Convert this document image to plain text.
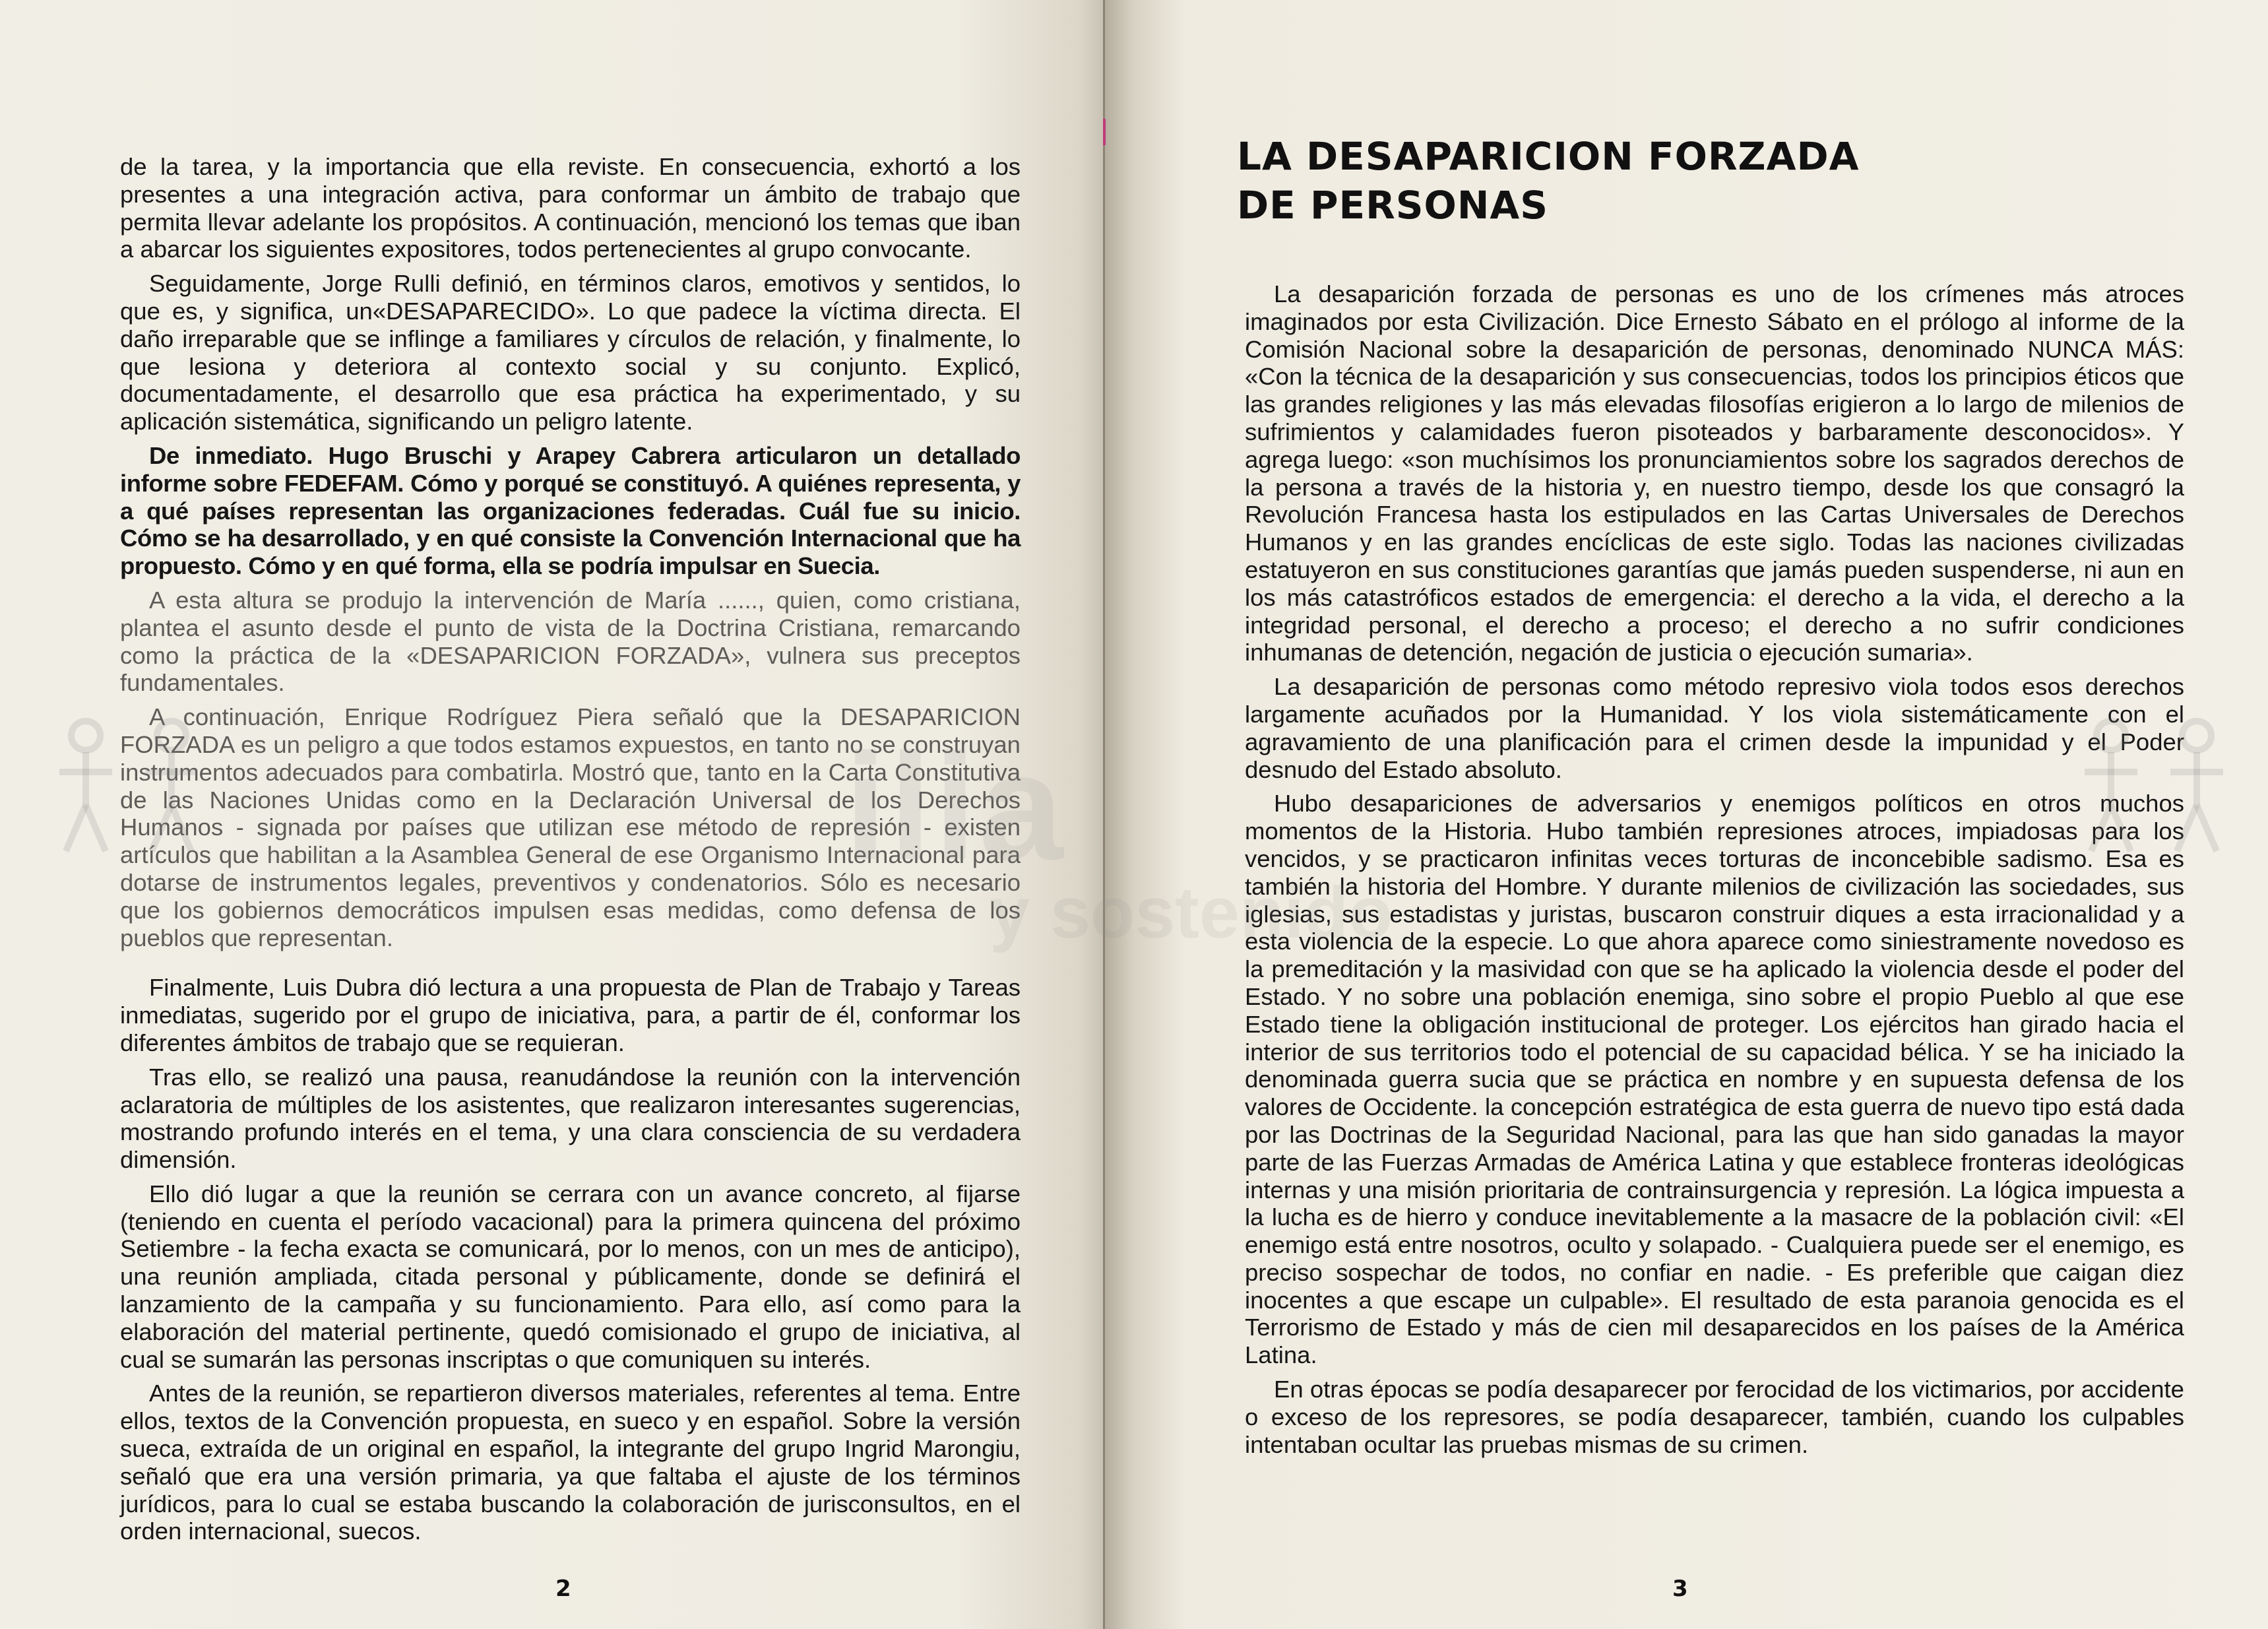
de la tarea, y la importancia que ella reviste. En consecuencia, exhortó a los presentes a una integración activa, para conformar un ámbito de trabajo que permita llevar adelante los propósitos. A continuación, mencionó los temas que iban a abarcar los siguientes expositores, todos pertenecientes al grupo convocante.

Seguidamente, Jorge Rulli definió, en términos claros, emotivos y sentidos, lo que es, y significa, un«DESAPARECIDO». Lo que padece la víctima directa. El daño irreparable que se inflinge a familiares y círculos de relación, y finalmente, lo que lesiona y deteriora al contexto social y su conjunto. Explicó, documentadamente, el desarrollo que esa práctica ha experimentado, y su aplicación sistemática, significando un peligro latente.

De inmediato. Hugo Bruschi y Arapey Cabrera articularon un detallado informe sobre FEDEFAM. Cómo y porqué se constituyó. A quiénes representa, y a qué países representan las organizaciones federadas. Cuál fue su inicio. Cómo se ha desarrollado, y en qué consiste la Convención Internacional que ha propuesto. Cómo y en qué forma, ella se podría impulsar en Suecia.

A esta altura se produjo la intervención de María ......, quien, como cristiana, plantea el asunto desde el punto de vista de la Doctrina Cristiana, remarcando como la práctica de la «DESAPARICION FORZADA», vulnera sus preceptos fundamentales.

A continuación, Enrique Rodríguez Piera señaló que la DESAPARICION FORZADA es un peligro a que todos estamos expuestos, en tanto no se construyan instrumentos adecuados para combatirla. Mostró que, tanto en la Carta Constitutiva de las Naciones Unidas como en la Declaración Universal de los Derechos Humanos - signada por países que utilizan ese método de represión - existen artículos que habilitan a la Asamblea General de ese Organismo Internacional para dotarse de instrumentos legales, preventivos y condenatorios. Sólo es necesario que los gobiernos democráticos impulsen esas medidas, como defensa de los pueblos que representan.

Finalmente, Luis Dubra dió lectura a una propuesta de Plan de Trabajo y Tareas inmediatas, sugerido por el grupo de iniciativa, para, a partir de él, conformar los diferentes ámbitos de trabajo que se requieran.

Tras ello, se realizó una pausa, reanudándose la reunión con la intervención aclaratoria de múltiples de los asistentes, que realizaron interesantes sugerencias, mostrando profundo interés en el tema, y una clara consciencia de su verdadera dimensión.

Ello dió lugar a que la reunión se cerrara con un avance concreto, al fijarse (teniendo en cuenta el período vacacional) para la primera quincena del próximo Setiembre - la fecha exacta se comunicará, por lo menos, con un mes de anticipo), una reunión ampliada, citada personal y públicamente, donde se definirá el lanzamiento de la campaña y su funcionamiento. Para ello, así como para la elaboración del material pertinente, quedó comisionado el grupo de iniciativa, al cual se sumarán las personas inscriptas o que comuniquen su interés.

Antes de la reunión, se repartieron diversos materiales, referentes al tema. Entre ellos, textos de la Convención propuesta, en sueco y en español. Sobre la versión sueca, extraída de un original en español, la integrante del grupo Ingrid Marongiu, señaló que era una versión primaria, ya que faltaba el ajuste de los términos jurídicos, para lo cual se estaba buscando la colaboración de jurisconsultos, en el orden internacional, suecos.

2
LA DESAPARICION FORZADA
DE PERSONAS

La desaparición forzada de personas es uno de los crímenes más atroces imaginados por esta Civilización. Dice Ernesto Sábato en el prólogo al informe de la Comisión Nacional sobre la desaparición de personas, denominado NUNCA MÁS: «Con la técnica de la desaparición y sus consecuencias, todos los principios éticos que las grandes religiones y las más elevadas filosofías erigieron a lo largo de milenios de sufrimientos y calamidades fueron pisoteados y barbaramente desconocidos». Y agrega luego: «son muchísimos los pronunciamientos sobre los sagrados derechos de la persona a través de la historia y, en nuestro tiempo, desde los que consagró la Revolución Francesa hasta los estipulados en las Cartas Universales de Derechos Humanos y en las grandes encíclicas de este siglo. Todas las naciones civilizadas estatuyeron en sus constituciones garantías que jamás pueden suspenderse, ni aun en los más catastróficos estados de emergencia: el derecho a la vida, el derecho a la integridad personal, el derecho a proceso; el derecho a no sufrir condiciones inhumanas de detención, negación de justicia o ejecución sumaria».

La desaparición de personas como método represivo viola todos esos derechos largamente acuñados por la Humanidad. Y los viola sistemáticamente con el agravamiento de una planificación para el crimen desde la impunidad y el Poder desnudo del Estado absoluto.

Hubo desapariciones de adversarios y enemigos políticos en otros muchos momentos de la Historia. Hubo también represiones atroces, impiadosas para los vencidos, y se practicaron infinitas veces torturas de inconcebible sadismo. Esa es también la historia del Hombre. Y durante milenios de civilización las sociedades, sus iglesias, sus estadistas y juristas, buscaron construir diques a esta irracionalidad y a esta violencia de la especie. Lo que ahora aparece como siniestramente novedoso es la premeditación y la masividad con que se ha aplicado la violencia desde el poder del Estado. Y no sobre una población enemiga, sino sobre el propio Pueblo al que ese Estado tiene la obligación institucional de proteger. Los ejércitos han girado hacia el interior de sus territorios todo el potencial de su capacidad bélica. Y se ha iniciado la denominada guerra sucia que se práctica en nombre y en supuesta defensa de los valores de Occidente. la concepción estratégica de esta guerra de nuevo tipo está dada por las Doctrinas de la Seguridad Nacional, para las que han sido ganadas la mayor parte de las Fuerzas Armadas de América Latina y que establece fronteras ideológicas internas y una misión prioritaria de contrainsurgencia y represión. La lógica impuesta a la lucha es de hierro y conduce inevitablemente a la masacre de la población civil: «El enemigo está entre nosotros, oculto y solapado. - Cualquiera puede ser el enemigo, es preciso sospechar de todos, no confiar en nadie. - Es preferible que caigan diez inocentes a que escape un culpable». El resultado de esta paranoia genocida es el Terrorismo de Estado y más de cien mil desaparecidos en los países de la América Latina.

En otras épocas se podía desaparecer por ferocidad de los victimarios, por accidente o exceso de los represores, se podía desaparecer, también, cuando los culpables intentaban ocultar las pruebas mismas de su crimen.

3
ilia
y sostenido
